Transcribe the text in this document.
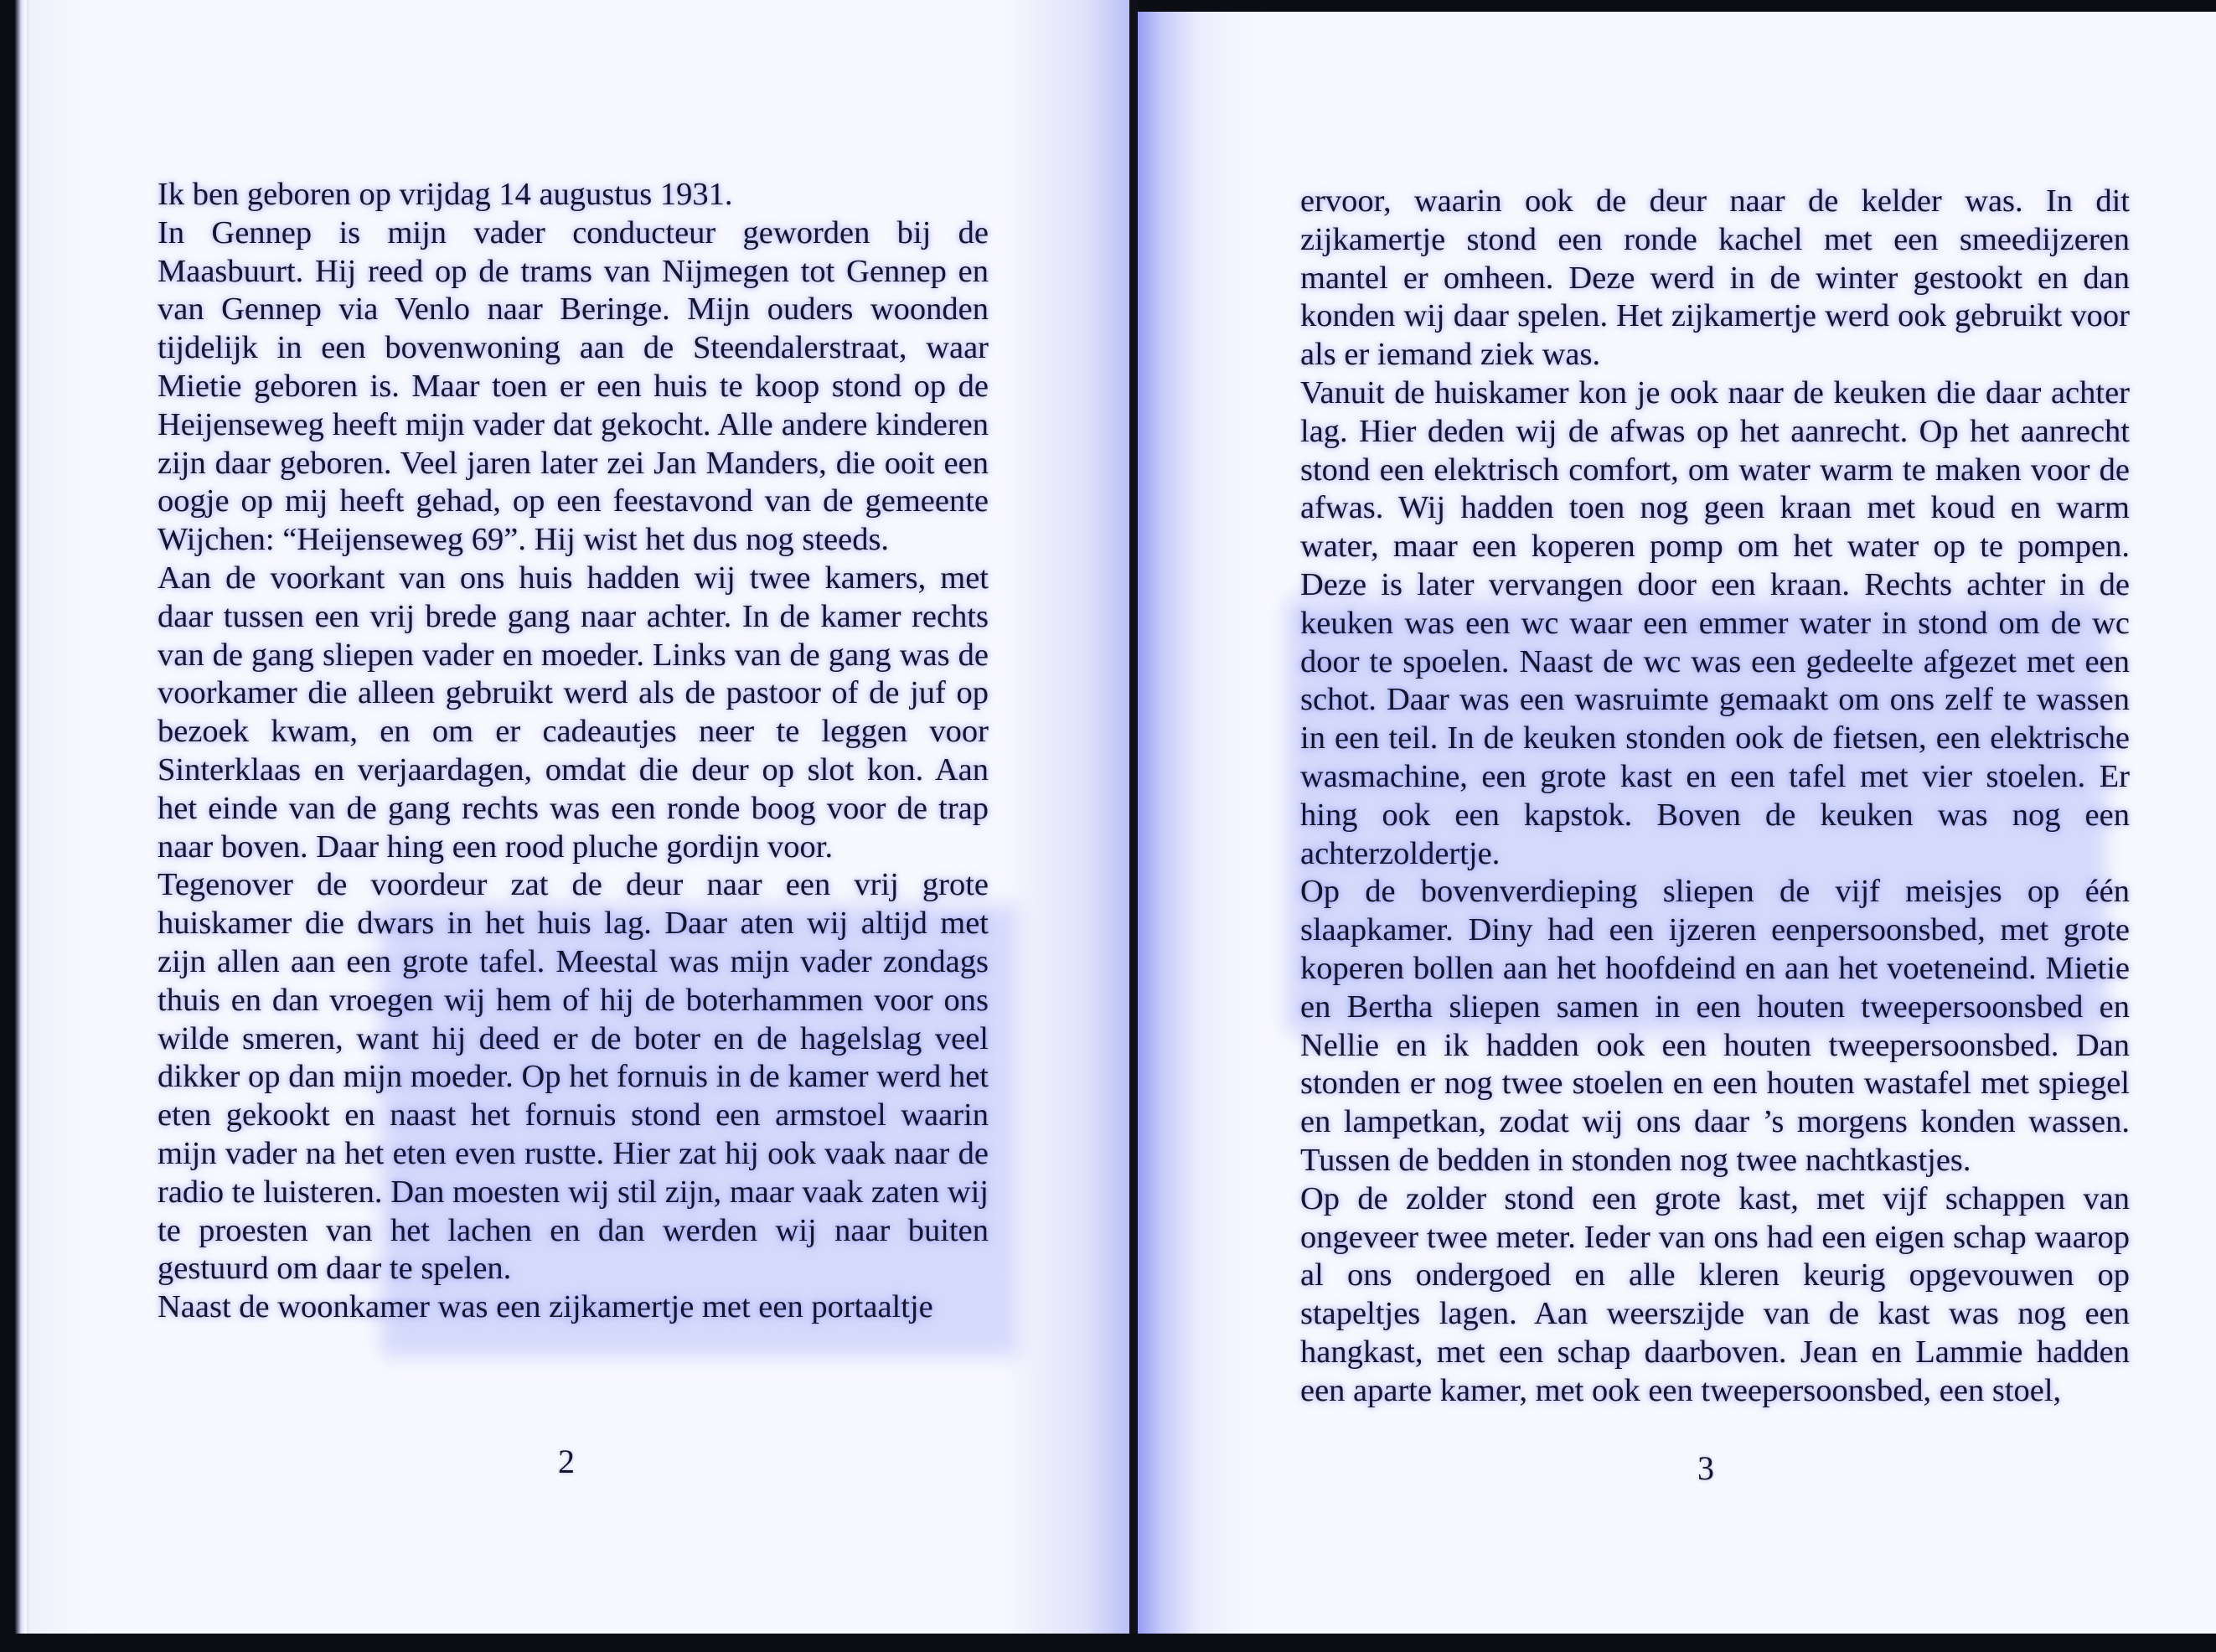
Ik ben geboren op vrijdag 14 augustus 1931.

In Gennep is mijn vader conducteur geworden bij de Maasbuurt. Hij reed op de trams van Nijmegen tot Gennep en van Gennep via Venlo naar Beringe. Mijn ouders woonden tijdelijk in een bovenwoning aan de Steendalerstraat, waar Mietie geboren is. Maar toen er een huis te koop stond op de Heijenseweg heeft mijn vader dat gekocht. Alle andere kinderen zijn daar geboren. Veel jaren later zei Jan Manders, die ooit een oogje op mij heeft gehad, op een feestavond van de gemeente Wijchen: “Heijenseweg 69”. Hij wist het dus nog steeds.

Aan de voorkant van ons huis hadden wij twee kamers, met daar tussen een vrij brede gang naar achter. In de kamer rechts van de gang sliepen vader en moeder. Links van de gang was de voorkamer die alleen gebruikt werd als de pastoor of de juf op bezoek kwam, en om er cadeautjes neer te leggen voor Sinterklaas en verjaardagen, omdat die deur op slot kon. Aan het einde van de gang rechts was een ronde boog voor de trap naar boven. Daar hing een rood pluche gordijn voor.

Tegenover de voordeur zat de deur naar een vrij grote huiskamer die dwars in het huis lag. Daar aten wij altijd met zijn allen aan een grote tafel. Meestal was mijn vader zondags thuis en dan vroegen wij hem of hij de boterhammen voor ons wilde smeren, want hij deed er de boter en de hagelslag veel dikker op dan mijn moeder. Op het fornuis in de kamer werd het eten gekookt en naast het fornuis stond een armstoel waarin mijn vader na het eten even rustte. Hier zat hij ook vaak naar de radio te luisteren. Dan moesten wij stil zijn, maar vaak zaten wij te proesten van het lachen en dan werden wij naar buiten gestuurd om daar te spelen.

Naast de woonkamer was een zijkamertje met een portaaltje

2

ervoor, waarin ook de deur naar de kelder was. In dit zijkamertje stond een ronde kachel met een smeedijzeren mantel er omheen. Deze werd in de winter gestookt en dan konden wij daar spelen. Het zijkamertje werd ook gebruikt voor als er iemand ziek was.

Vanuit de huiskamer kon je ook naar de keuken die daar achter lag. Hier deden wij de afwas op het aanrecht. Op het aanrecht stond een elektrisch comfort, om water warm te maken voor de afwas. Wij hadden toen nog geen kraan met koud en warm water, maar een koperen pomp om het water op te pompen. Deze is later vervangen door een kraan. Rechts achter in de keuken was een wc waar een emmer water in stond om de wc door te spoelen. Naast de wc was een gedeelte afgezet met een schot. Daar was een wasruimte gemaakt om ons zelf te wassen in een teil. In de keuken stonden ook de fietsen, een elektrische wasmachine, een grote kast en een tafel met vier stoelen. Er hing ook een kapstok. Boven de keuken was nog een achterzoldertje.

Op de bovenverdieping sliepen de vijf meisjes op één slaapkamer. Diny had een ijzeren eenpersoonsbed, met grote koperen bollen aan het hoofdeind en aan het voeteneind. Mietie en Bertha sliepen samen in een houten tweepersoonsbed en Nellie en ik hadden ook een houten tweepersoonsbed. Dan stonden er nog twee stoelen en een houten wastafel met spiegel en lampetkan, zodat wij ons daar ’s morgens konden wassen. Tussen de bedden in stonden nog twee nachtkastjes.

Op de zolder stond een grote kast, met vijf schappen van ongeveer twee meter. Ieder van ons had een eigen schap waarop al ons ondergoed en alle kleren keurig opgevouwen op stapeltjes lagen. Aan weerszijde van de kast was nog een hangkast, met een schap daarboven. Jean en Lammie hadden een aparte kamer, met ook een tweepersoonsbed, een stoel,

3
